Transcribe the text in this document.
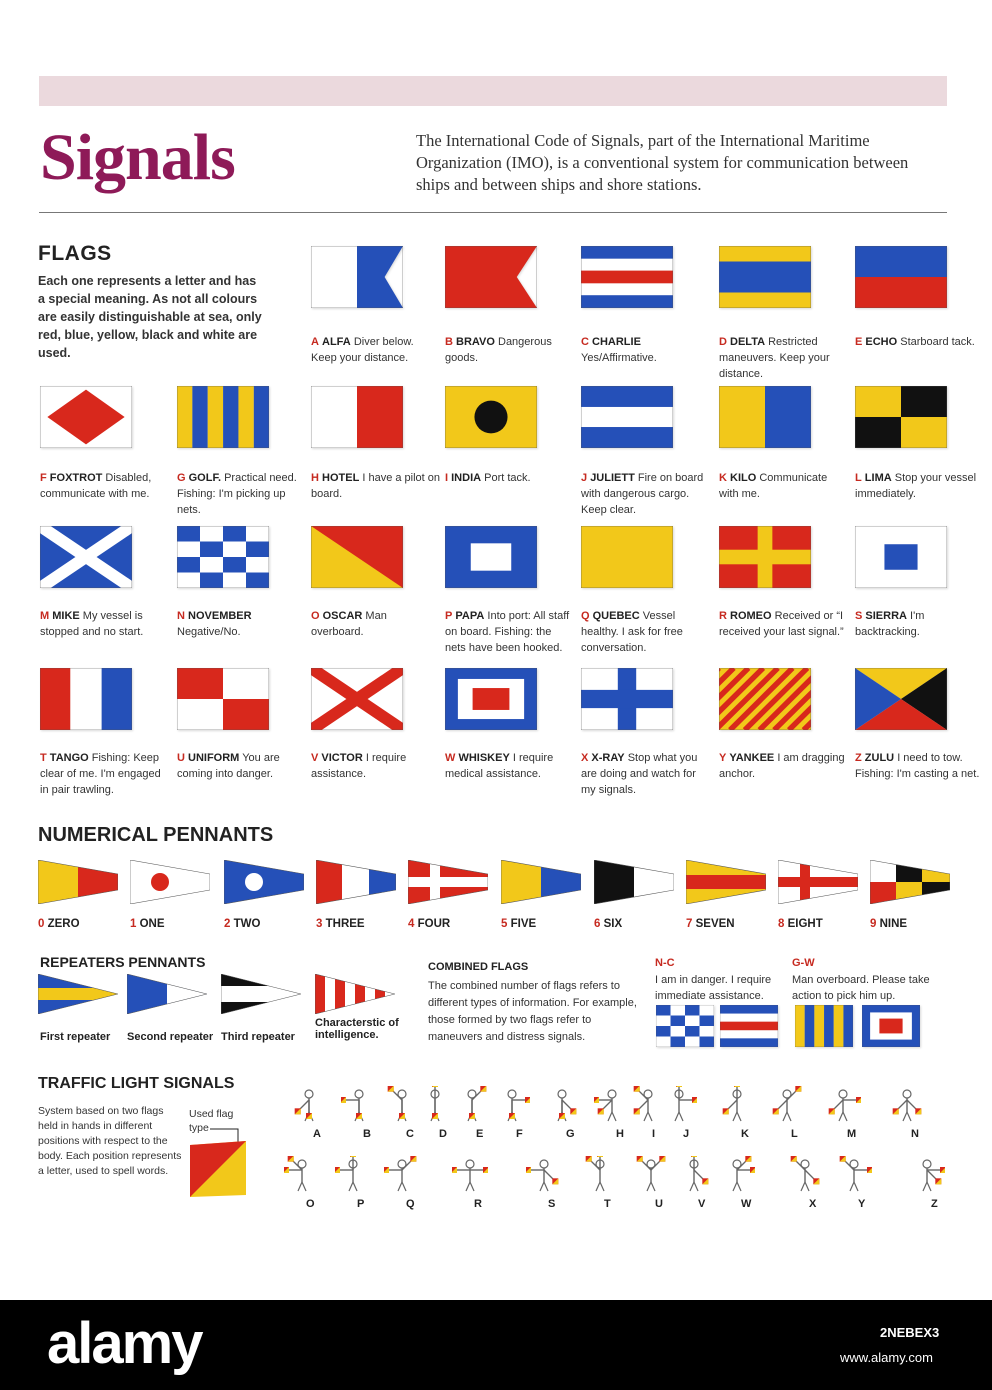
Signals	The International Code of Signals, part of the International Maritime Organization (IMO), is a conventional system for communication between ships and between ships and shore stations.
FLAGS
Each one represents a letter and has a special meaning. As not all colours are easily distinguishable at sea, only red, blue, yellow, black and white are used.
A ALFA Diver below. Keep your distance.
B BRAVO Dangerous goods.
C CHARLIE Yes/Affirmative.
D DELTA Restricted maneuvers. Keep your distance.
E ECHO Starboard tack.
F FOXTROT Disabled, communicate with me.
G GOLF. Practical need. Fishing: I'm picking up nets.
H HOTEL I have a pilot on board.
I INDIA Port tack.	J JULIETT Fire on board with dangerous cargo. Keep clear.
K KILO Communicate with me.
L LIMA Stop your vessel immediately.
M MIKE My vessel is stopped and no start.
N NOVEMBER Negative/No.
O OSCAR Man overboard.
P PAPA Into port: All staff on board. Fishing: the nets have been hooked.
Q QUEBEC Vessel healthy. I ask for free conversation.
R ROMEO Received or “I received your last signal.”
S SIERRA I'm backtracking.
T TANGO Fishing: Keep clear of me. I'm engaged in pair trawling.
U UNIFORM You are coming into danger.
V VICTOR I require assistance.
W WHISKEY I require medical assistance.
X X-RAY Stop what you are doing and watch for my signals.
Y YANKEE I am dragging anchor.
Z ZULU I need to tow. Fishing: I'm casting a net.
NUMERICAL PENNANTS
0 ZERO	1 ONE	2 TWO	3 THREE	4 FOUR	5 FIVE	6 SIX	7 SEVEN	8 EIGHT	9 NINE
REPEATERS PENNANTS
First repeater Second repeater Third repeater
Characterstic of intelligence.
COMBINED FLAGS
The combined number of flags refers to different types of information. For example, those formed by two flags refer to maneuvers and distress signals.
N-C
I am in danger. I require immediate assistance.
G-W
Man overboard. Please take action to pick him up.
TRAFFIC LIGHT SIGNALS
System based on two flags held in hands in different positions with respect to the body. Each position represents a letter, used to spell words.
Used flag type	A	B	C D	E	F	G	H	I	J	K	L	M	N
O	P	Q	R	S	T	U	V	W	X	Y	Z
alamy	2NEBEX3
www.alamy.com
